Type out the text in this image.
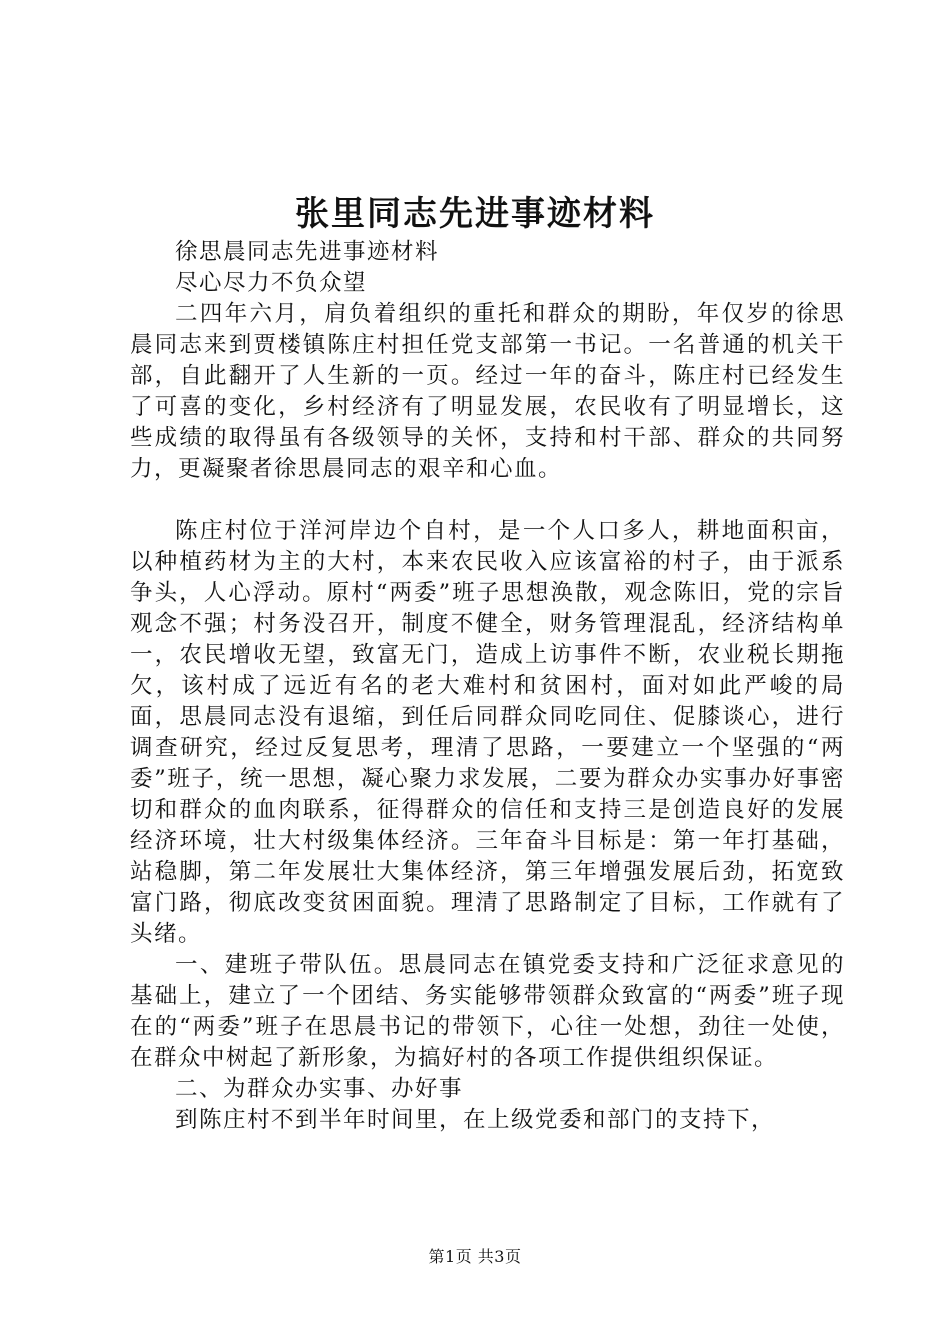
张里同志先进事迹材料

徐思晨同志先进事迹材料

尽心尽力不负众望

二四年六月，肩负着组织的重托和群众的期盼，年仅岁的徐思晨同志来到贾楼镇陈庄村担任党支部第一书记。一名普通的机关干部，自此翻开了人生新的一页。经过一年的奋斗，陈庄村已经发生了可喜的变化，乡村经济有了明显发展，农民收有了明显增长，这些成绩的取得虽有各级领导的关怀，支持和村干部、群众的共同努力，更凝聚者徐思晨同志的艰辛和心血。

陈庄村位于洋河岸边个自村，是一个人口多人，耕地面积亩，以种植药材为主的大村，本来农民收入应该富裕的村子，由于派系争头，人心浮动。原村“两委”班子思想涣散，观念陈旧，党的宗旨观念不强；村务没召开，制度不健全，财务管理混乱，经济结构单一，农民增收无望，致富无门，造成上访事件不断，农业税长期拖欠，该村成了远近有名的老大难村和贫困村，面对如此严峻的局面，思晨同志没有退缩，到任后同群众同吃同住、促膝谈心，进行调查研究，经过反复思考，理清了思路，一要建立一个坚强的“两委”班子，统一思想，凝心聚力求发展，二要为群众办实事办好事密切和群众的血肉联系，征得群众的信任和支持三是创造良好的发展经济环境，壮大村级集体经济。三年奋斗目标是：第一年打基础，站稳脚，第二年发展壮大集体经济，第三年增强发展后劲，拓宽致富门路，彻底改变贫困面貌。理清了思路制定了目标，工作就有了头绪。

一、建班子带队伍。思晨同志在镇党委支持和广泛征求意见的基础上，建立了一个团结、务实能够带领群众致富的“两委”班子现在的“两委”班子在思晨书记的带领下，心往一处想，劲往一处使，在群众中树起了新形象，为搞好村的各项工作提供组织保证。

二、为群众办实事、办好事

到陈庄村不到半年时间里，在上级党委和部门的支持下，

第1页 共3页
